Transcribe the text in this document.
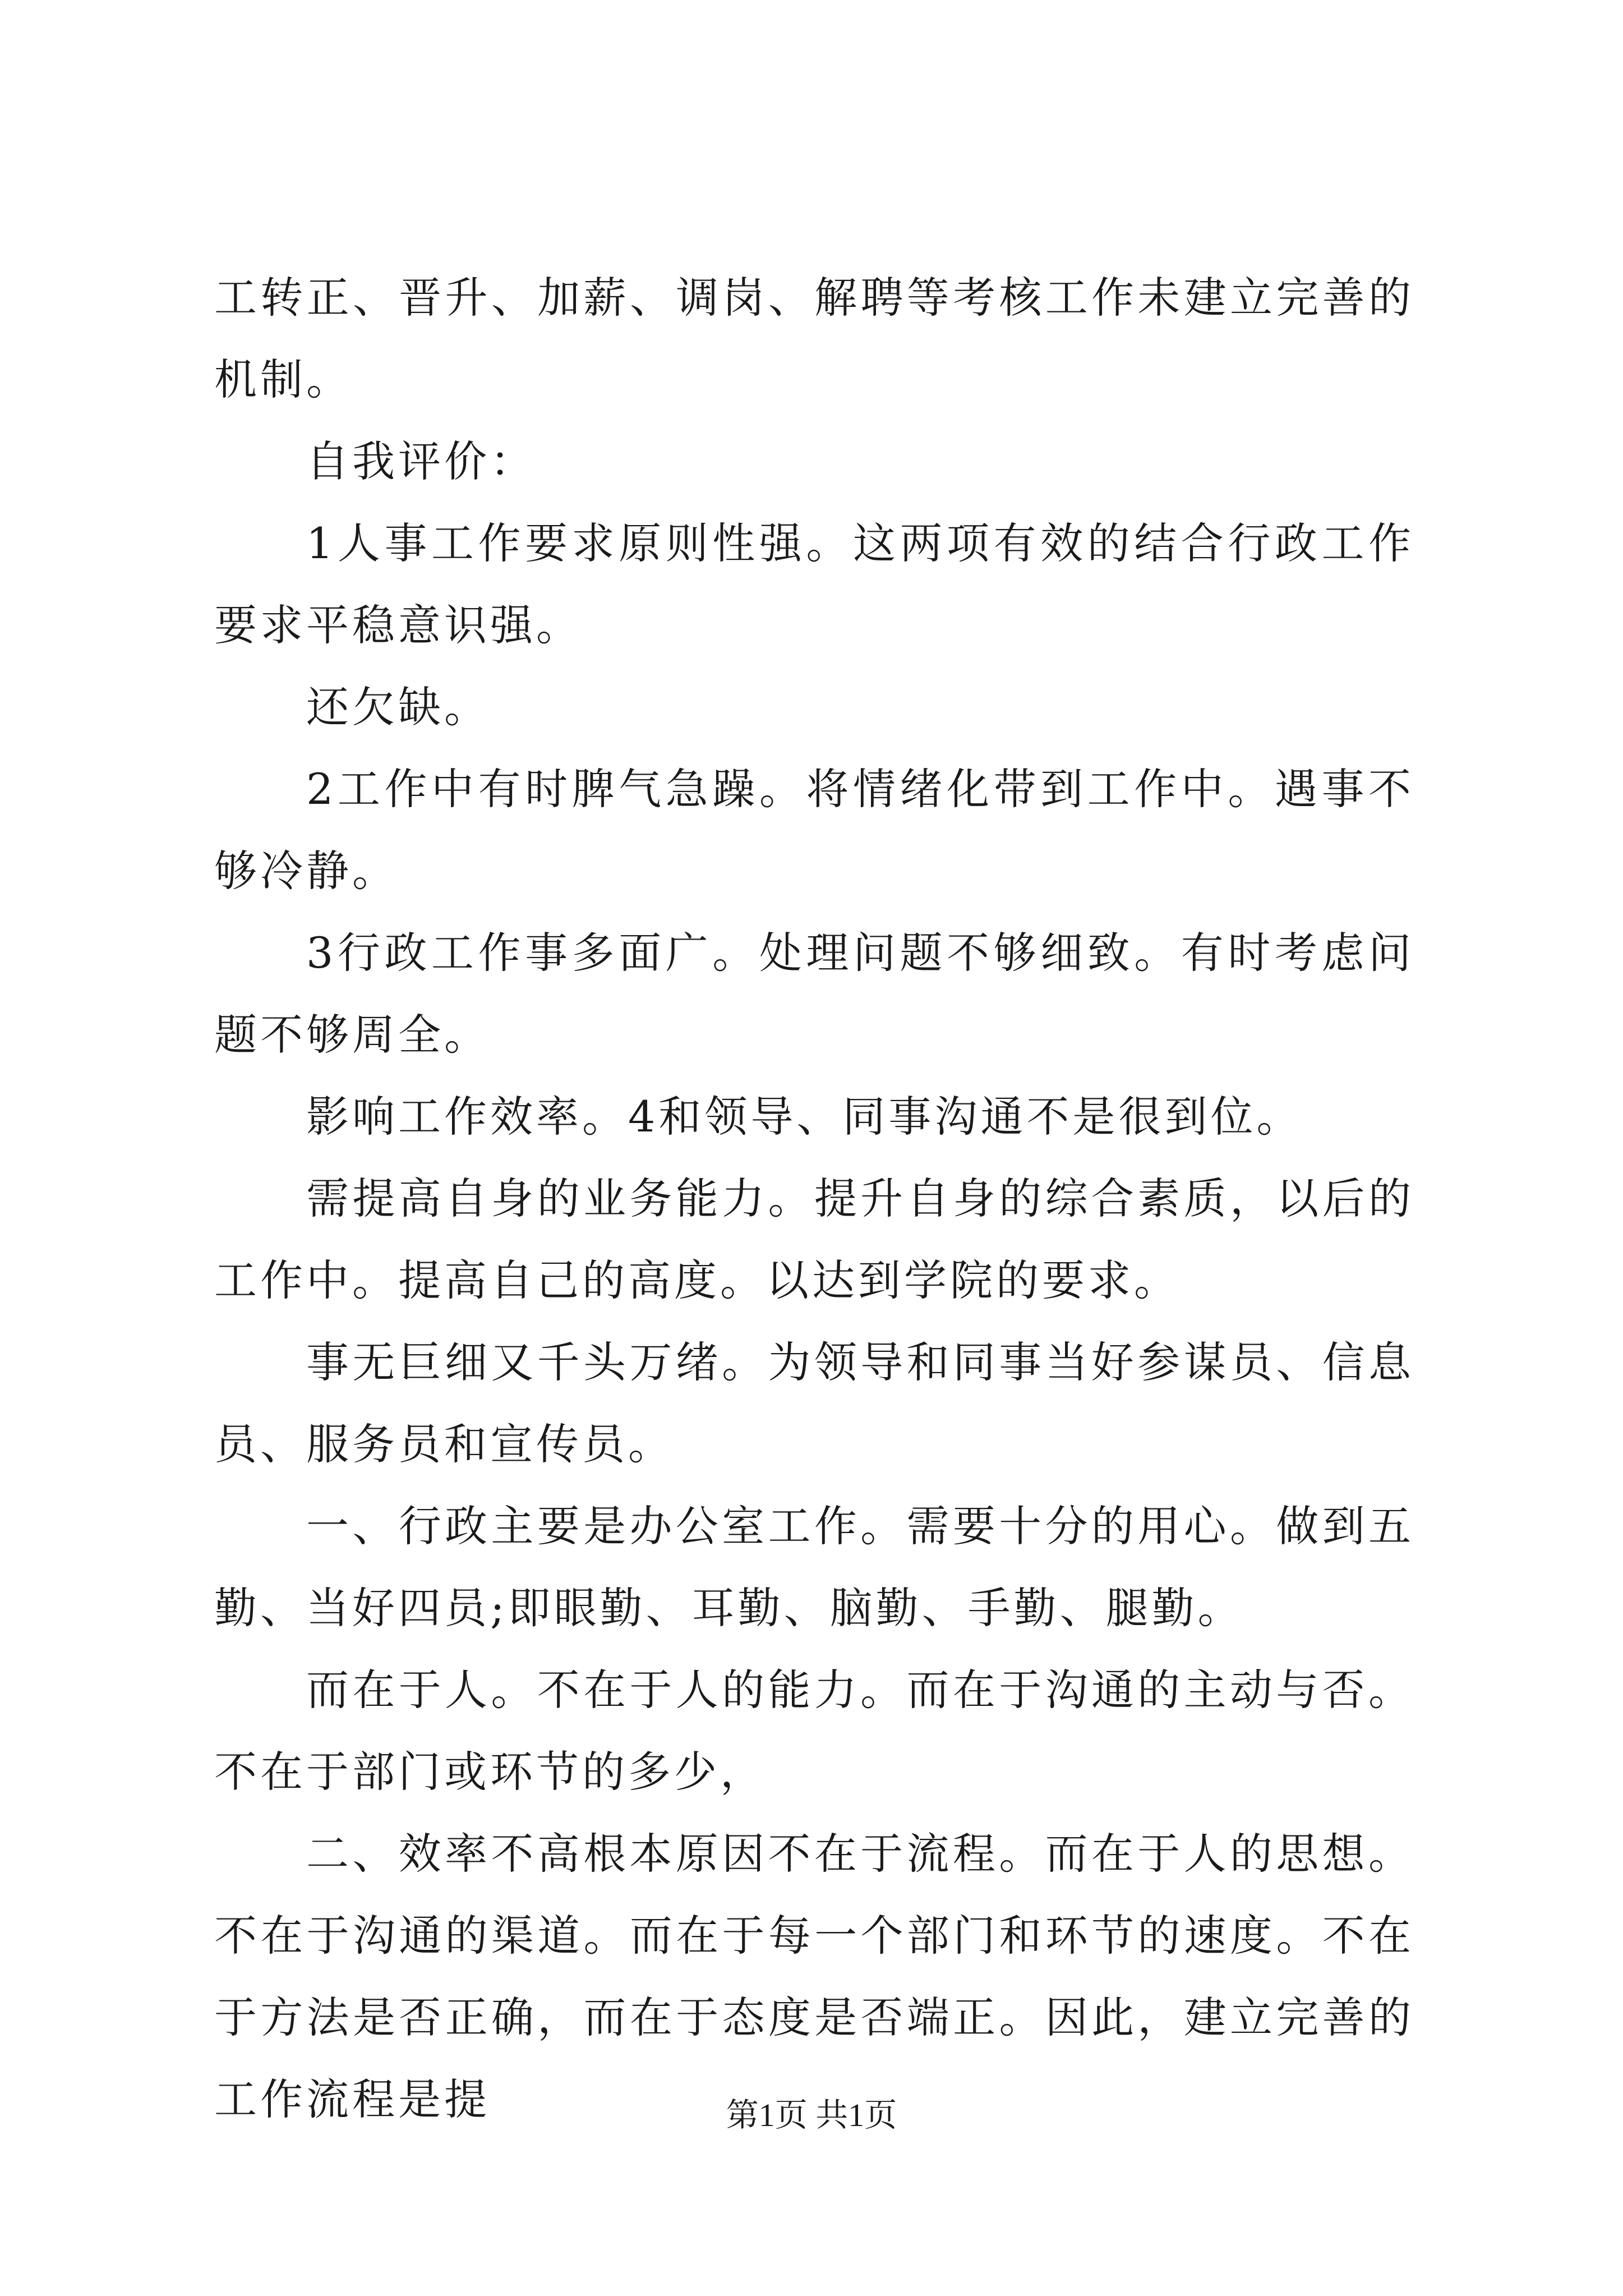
工转正、晋升、加薪、调岗、解聘等考核工作未建立完善的机制。

自我评价：

1人事工作要求原则性强。这两项有效的结合行政工作要求平稳意识强。

还欠缺。

2工作中有时脾气急躁。将情绪化带到工作中。遇事不够冷静。

3行政工作事多面广。处理问题不够细致。有时考虑问题不够周全。

影响工作效率。4和领导、同事沟通不是很到位。

需提高自身的业务能力。提升自身的综合素质，以后的工作中。提高自己的高度。以达到学院的要求。

事无巨细又千头万绪。为领导和同事当好参谋员、信息员、服务员和宣传员。

一、行政主要是办公室工作。需要十分的用心。做到五勤、当好四员;即眼勤、耳勤、脑勤、手勤、腿勤。

而在于人。不在于人的能力。而在于沟通的主动与否。不在于部门或环节的多少，

二、效率不高根本原因不在于流程。而在于人的思想。不在于沟通的渠道。而在于每一个部门和环节的速度。不在于方法是否正确，而在于态度是否端正。因此，建立完善的工作流程是提	第1页 共1页
